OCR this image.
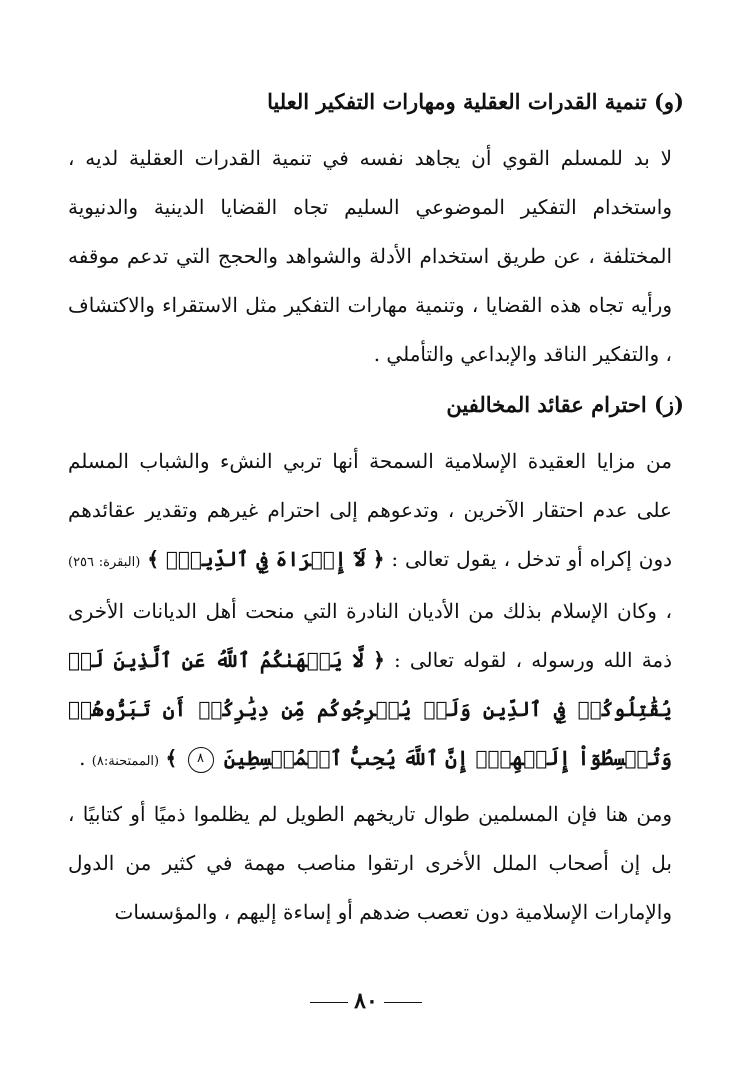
(و) تنمية القدرات العقلية ومهارات التفكير العليا

لا بد للمسلم القوي أن يجاهد نفسه في تنمية القدرات العقلية لديه ، واستخدام التفكير الموضوعي السليم تجاه القضايا الدينية والدنيوية المختلفة ، عن طريق استخدام الأدلة والشواهد والحجج التي تدعم موقفه ورأيه تجاه هذه القضايا ، وتنمية مهارات التفكير مثل الاستقراء والاكتشاف ، والتفكير الناقد والإبداعي والتأملي .

(ز) احترام عقائد المخالفين

من مزايا العقيدة الإسلامية السمحة أنها تربي النشء والشباب المسلم على عدم احتقار الآخرين ، وتدعوهم إلى احترام غيرهم وتقدير عقائدهم دون إكراه أو تدخل ، يقول تعالى : ﴿ لَآ إِكۡرَاهَ فِي ٱلدِّينِۖ ﴾ (البقرة: ٢٥٦) ، وكان الإسلام بذلك من الأديان النادرة التي منحت أهل الديانات الأخرى ذمة الله ورسوله ، لقوله تعالى : ﴿ لَّا يَنۡهَىٰكُمُ ٱللَّهُ عَنِ ٱلَّذِينَ لَمۡ يُقَٰتِلُوكُمۡ فِي ٱلدِّينِ وَلَمۡ يُخۡرِجُوكُم مِّن دِيَٰرِكُمۡ أَن تَبَرُّوهُمۡ وَتُقۡسِطُوٓاْ إِلَيۡهِمۡۚ إِنَّ ٱللَّهَ يُحِبُّ ٱلۡمُقۡسِطِينَ ٨ ﴾ (الممتحنة:٨) .

ومن هنا فإن المسلمين طوال تاريخهم الطويل لم يظلموا ذميًا أو كتابيًا ، بل إن أصحاب الملل الأخرى ارتقوا مناصب مهمة في كثير من الدول والإمارات الإسلامية دون تعصب ضدهم أو إساءة إليهم ، والمؤسسات

٨٠
